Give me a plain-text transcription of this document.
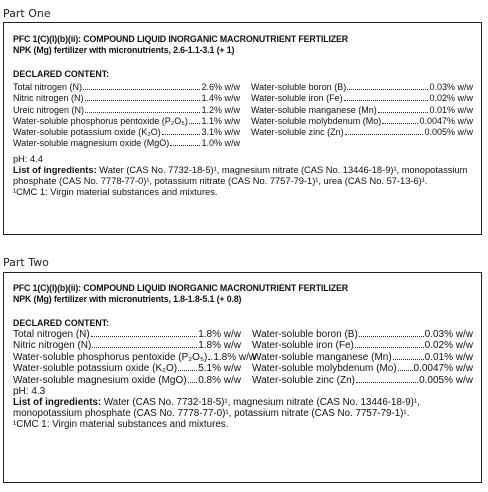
Part One
PFC 1(C)(I)(b)(ii): COMPOUND LIQUID INORGANIC MACRONUTRIENT FERTILIZER
NPK (Mg) fertilizer with micronutrients, 2.6-1.1-3.1 (+ 1)
DECLARED CONTENT:
Total nitrogen (N)	2.6% w/w
Nitric nitrogen (N)	1.4% w/w
Ureic nitrogen (N)	1.2% w/w
Water-soluble phosphorus pentoxide (P₂O₅) 1.1% w/w
Water-soluble potassium oxide (K₂O)	3.1% w/w
Water-soluble magnesium oxide (MgO)	1.0% w/w
Water-soluble boron (B)	0.03% w/w
Water-soluble iron (Fe)	0.02% w/w
Water-soluble manganese (Mn)	0.01% w/w
Water-soluble molybdenum (Mo)	0.0047% w/w
Water-soluble zinc (Zn)	0.005% w/w
pH: 4.4
List of ingredients: Water (CAS No. 7732-18-5)¹, magnesium nitrate (CAS No. 13446-18-9)¹, monopotassium phosphate (CAS No. 7778-77-0)¹, potassium nitrate (CAS No. 7757-79-1)¹, urea (CAS No. 57-13-6)¹.
¹CMC 1: Virgin material substances and mixtures.
Part Two
PFC 1(C)(I)(b)(ii): COMPOUND LIQUID INORGANIC MACRONUTRIENT FERTILIZER
NPK (Mg) fertilizer with micronutrients, 1.8-1.8-5.1 (+ 0.8)
DECLARED CONTENT:
Total nitrogen (N)	1.8% w/w
Nitric nitrogen (N)	1.8% w/w
Water-soluble phosphorus pentoxide (P₂O₅) 1.8% w/w
Water-soluble potassium oxide (K₂O) 5.1% w/w
Water-soluble magnesium oxide (MgO) 0.8% w/w
Water-soluble boron (B)	0.03% w/w
Water-soluble iron (Fe)	0.02% w/w
Water-soluble manganese (Mn)	0.01% w/w
Water-soluble molybdenum (Mo) 0.0047% w/w
Water-soluble zinc (Zn)	0.005% w/w
pH: 4.3
List of ingredients: Water (CAS No. 7732-18-5)¹, magnesium nitrate (CAS No. 13446-18-9)¹, monopotassium phosphate (CAS No. 7778-77-0)¹, potassium nitrate (CAS No. 7757-79-1)¹.
¹CMC 1: Virgin material substances and mixtures.
